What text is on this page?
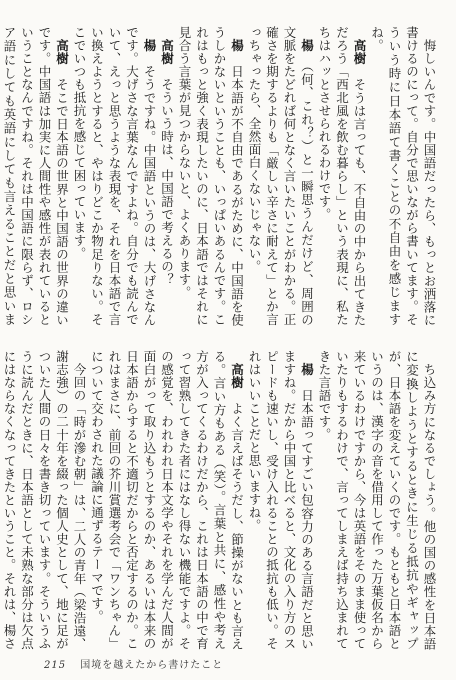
悔しいんです。中国語だったら、もっとお洒落に書けるのにって。自分で思いながら書いてます。そういう時に日本語て書くことの不自由を感じますね。
高樹　そうは言っても、不自由の中から出てきただろう「西北風を飲む暮らし」という表現に、私たちはハッとさせられるわけです。
楊　（何、これ？）と一瞬思うんだけど、周囲の文脈をたどれば何となく言いたいことがわかる。正確さを期するよりも「厳しい辛さに耐えて」とか言っちゃったら、全然面白くないじゃない。
楊　日本語が不自由であるがために、中国語を使うしかないということも、いっぱいあるんです。これはもっと強く表現したいのに、日本語ではそれに見合う言葉が見つからないと、よくあります。
高樹　そういう時は、中国語で考えるの？
楊　そうですね。中国語というのは、大げさなんです。大げさな言葉なんですよね。自分でも読んでいて、えっと思うような表現を、それを日本語で言い換えようとすると、やはりどこか物足りない。そこでいつも抵抗を感じて困っています。
高樹　そこで日本語の世界と中国語の世界の違いです。中国語は加実に人間性や感性が表れているということなんですね。それは中国語に限らず、ロシア語にしても英語にしても言えることだと思いま
ち込み方になるでしょう。他の国の感性を日本語に変換しようとするときに生じる抵抗やギャップが、日本語を変えていくのです。もともと日本語というのは、漢字の音を借用して作った万葉仮名から来ているわけですから、今は英語をそのまま使っていたりもするわけで、言ってしまえば持ち込まれてきた言語です。
楊　日本語ってすごい包容力のある言語だと思いますね。だから中国と比べると、文化の入り方のスピードも速いし、受け入れることの抵抗も低い。それはいいことだと思いますね。
高樹　よく言えばそうだし、節操がないとも言える。言い方もある（笑）。言葉と共に、感性や考え方が入ってくるわけだから、これは日本語の中で育って習熟してきた者にはなし得ない機能ですよ。その感覚を、われわれ日本文学やそれを学んだ人間が面白がって取り込もうとするのか、あるいは本来の日本語からすると不適切だからと否定するのか。これはまさに、前回の芥川賞選考会で「ワンちゃん」について交わされた議論に通ずるテーマです。
今回の「時が滲む朝」は、二人の青年（梁浩遠、謝志強）の二十年を綴った個人史として、地に足がついた人間の日々を書き切っています。そういうふうに読んだときに、日本語として未熟な部分は欠点にはならなくなってきたということ。それは、楊さ
215 国境を越えたから書けたこと
